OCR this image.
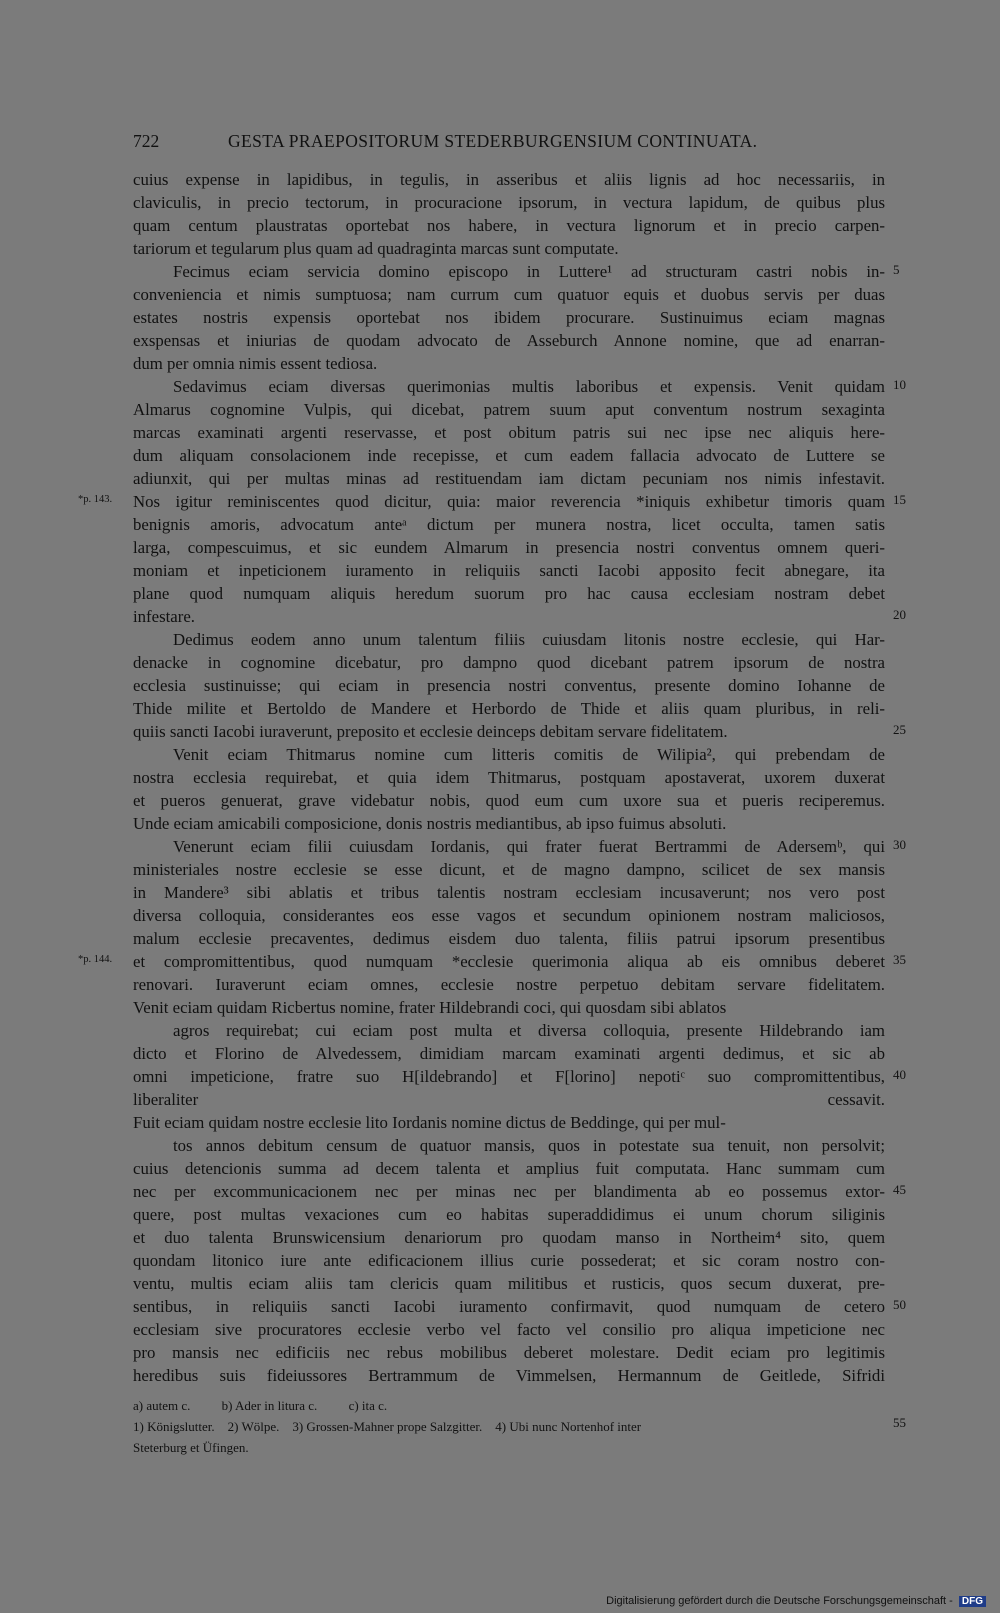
722	GESTA PRAEPOSITORUM STEDERBURGENSIUM CONTINUATA.
cuius expense in lapidibus, in tegulis, in asseribus et aliis lignis ad hoc necessariis, in
claviculis, in precio tectorum, in procuracione ipsorum, in vectura lapidum, de quibus plus
quam centum plaustratas oportebat nos habere, in vectura lignorum et in precio carpen-
tariorum et tegularum plus quam ad quadraginta marcas sunt computate.
Fecimus eciam servicia domino episcopo in Luttere¹ ad structuram castri nobis in- 5
conveniencia et nimis sumptuosa; nam currum cum quatuor equis et duobus servis per duas
estates nostris expensis oportebat nos ibidem procurare. Sustinuimus eciam magnas
exspensas et iniurias de quodam advocato de Asseburch Annone nomine, que ad enarran-
dum per omnia nimis essent tediosa.
Sedavimus eciam diversas querimonias multis laboribus et expensis. Venit quidam 10
Almarus cognomine Vulpis, qui dicebat, patrem suum aput conventum nostrum sexaginta
marcas examinati argenti reservasse, et post obitum patris sui nec ipse nec aliquis here-
dum aliquam consolacionem inde recepisse, et cum eadem fallacia advocato de Luttere se
adiunxit, qui per multas minas ad restituendam iam dictam pecuniam nos nimis infestavit.
Nos igitur reminiscentes quod dicitur, quia: maior reverencia *iniquis exhibetur timoris quam 15
*p. 143.
benignis amoris, advocatum anteᵃ dictum per munera nostra, licet occulta, tamen satis
larga, compescuimus, et sic eundem Almarum in presencia nostri conventus omnem queri-
moniam et inpeticionem iuramento in reliquiis sancti Iacobi apposito fecit abnegare, ita
plane quod numquam aliquis heredum suorum pro hac causa ecclesiam nostram debet
infestare.	20
Dedimus eodem anno unum talentum filiis cuiusdam litonis nostre ecclesie, qui Har-
denacke in cognomine dicebatur, pro dampno quod dicebant patrem ipsorum de nostra
ecclesia sustinuisse; qui eciam in presencia nostri conventus, presente domino Iohanne de
Thide milite et Bertoldo de Mandere et Herbordo de Thide et aliis quam pluribus, in reli-
quiis sancti Iacobi iuraverunt, preposito et ecclesie deinceps debitam servare fidelitatem.	25
Venit eciam Thitmarus nomine cum litteris comitis de Wilipia², qui prebendam de
nostra ecclesia requirebat, et quia idem Thitmarus, postquam apostaverat, uxorem duxerat
et pueros genuerat, grave videbatur nobis, quod eum cum uxore sua et pueris reciperemus.
Unde eciam amicabili composicione, donis nostris mediantibus, ab ipso fuimus absoluti.
Venerunt eciam filii cuiusdam Iordanis, qui frater fuerat Bertrammi de Adersemᵇ, qui 30
ministeriales nostre ecclesie se esse dicunt, et de magno dampno, scilicet de sex mansis
in Mandere³ sibi ablatis et tribus talentis nostram ecclesiam incusaverunt; nos vero post
diversa colloquia, considerantes eos esse vagos et secundum opinionem nostram maliciosos,
malum ecclesie precaventes, dedimus eisdem duo talenta, filiis patrui ipsorum presentibus
et compromittentibus, quod numquam *ecclesie querimonia aliqua ab eis omnibus deberet 35
*p. 144.
renovari. Iuraverunt eciam omnes, ecclesie nostre perpetuo debitam servare fidelitatem.
Venit eciam quidam Ricbertus nomine, frater Hildebrandi coci, qui quosdam sibi ablatos
agros requirebat; cui eciam post multa et diversa colloquia, presente Hildebrando iam
dicto et Florino de Alvedessem, dimidiam marcam examinati argenti dedimus, et sic ab
omni impeticione, fratre suo H[ildebrando] et F[lorino] nepotiᶜ suo compromittentibus, 40
liberaliter cessavit.
Fuit eciam quidam nostre ecclesie lito Iordanis nomine dictus de Beddinge, qui per mul-
tos annos debitum censum de quatuor mansis, quos in potestate sua tenuit, non persolvit;
cuius detencionis summa ad decem talenta et amplius fuit computata. Hanc summam cum
nec per excommunicacionem nec per minas nec per blandimenta ab eo possemus extor- 45
quere, post multas vexaciones cum eo habitas superaddidimus ei unum chorum siliginis
et duo talenta Brunswicensium denariorum pro quodam manso in Northeim⁴ sito, quem
quondam litonico iure ante edificacionem illius curie possederat; et sic coram nostro con-
ventu, multis eciam aliis tam clericis quam militibus et rusticis, quos secum duxerat, pre-
sentibus, in reliquiis sancti Iacobi iuramento confirmavit, quod numquam de cetero 50
ecclesiam sive procuratores ecclesie verbo vel facto vel consilio pro aliqua impeticione nec
pro mansis nec edificiis nec rebus mobilibus deberet molestare. Dedit eciam pro legitimis
heredibus suis fideiussores Bertrammum de Vimmelsen, Hermannum de Geitlede, Sifridi
55
a) autem c. b) Ader in litura c. c) ita c.
1) Königslutter.    2) Wölpe.    3) Grossen-Mahner prope Salzgitter.    4) Ubi nunc Nortenhof inter
Steterburg et Üfingen.
Digitalisierung gefördert durch die Deutsche Forschungsgemeinschaft - DFG
